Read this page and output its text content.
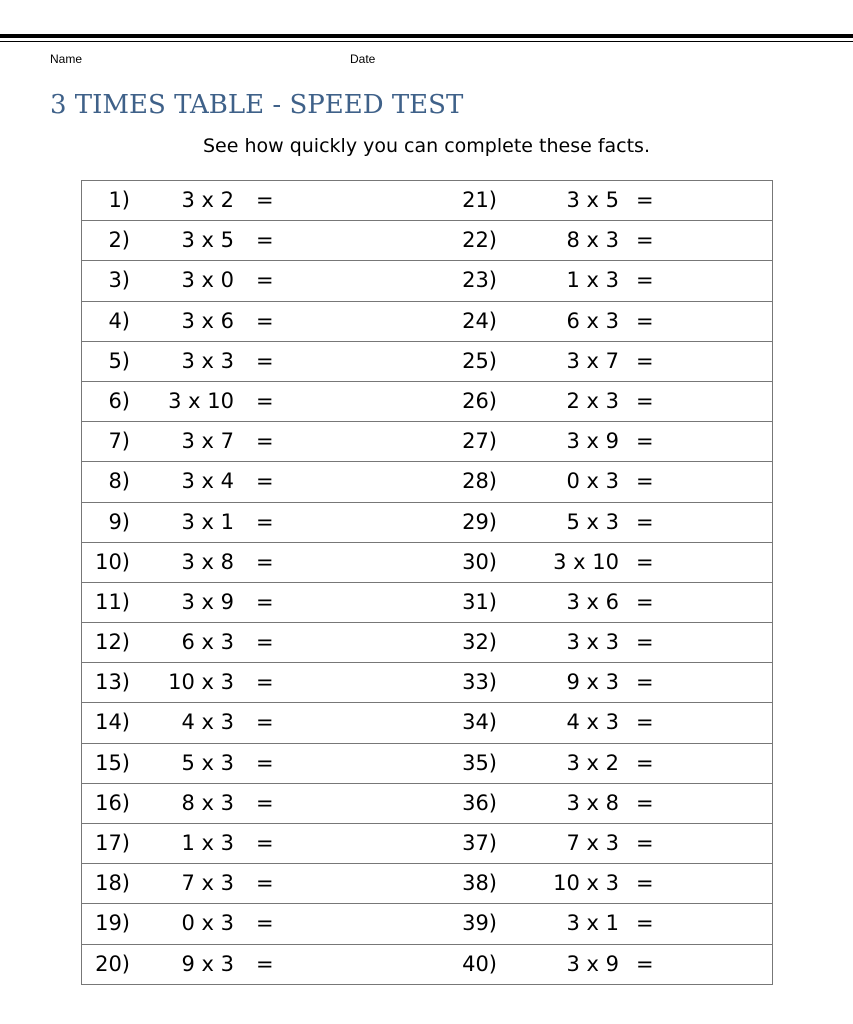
Name	Date
3 TIMES TABLE - SPEED TEST
See how quickly you can complete these facts.
1)	3 x 2 =	21)	3 x 5 =
2)	3 x 5 =	22)	8 x 3 =
3)	3 x 0 =	23)	1 x 3 =
4)	3 x 6 =	24)	6 x 3 =
5)	3 x 3 =	25)	3 x 7 =
6)	3 x 10 =	26)	2 x 3 =
7)	3 x 7 =	27)	3 x 9 =
8)	3 x 4 =	28)	0 x 3 =
9)	3 x 1 =	29)	5 x 3 =
10)	3 x 8 =	30)	3 x 10 =
11)	3 x 9 =	31)	3 x 6 =
12)	6 x 3 =	32)	3 x 3 =
13)	10 x 3 =	33)	9 x 3 =
14)	4 x 3 =	34)	4 x 3 =
15)	5 x 3 =	35)	3 x 2 =
16)	8 x 3 =	36)	3 x 8 =
17)	1 x 3 =	37)	7 x 3 =
18)	7 x 3 =	38)	10 x 3 =
19)	0 x 3 =	39)	3 x 1 =
20)	9 x 3 =	40)	3 x 9 =
